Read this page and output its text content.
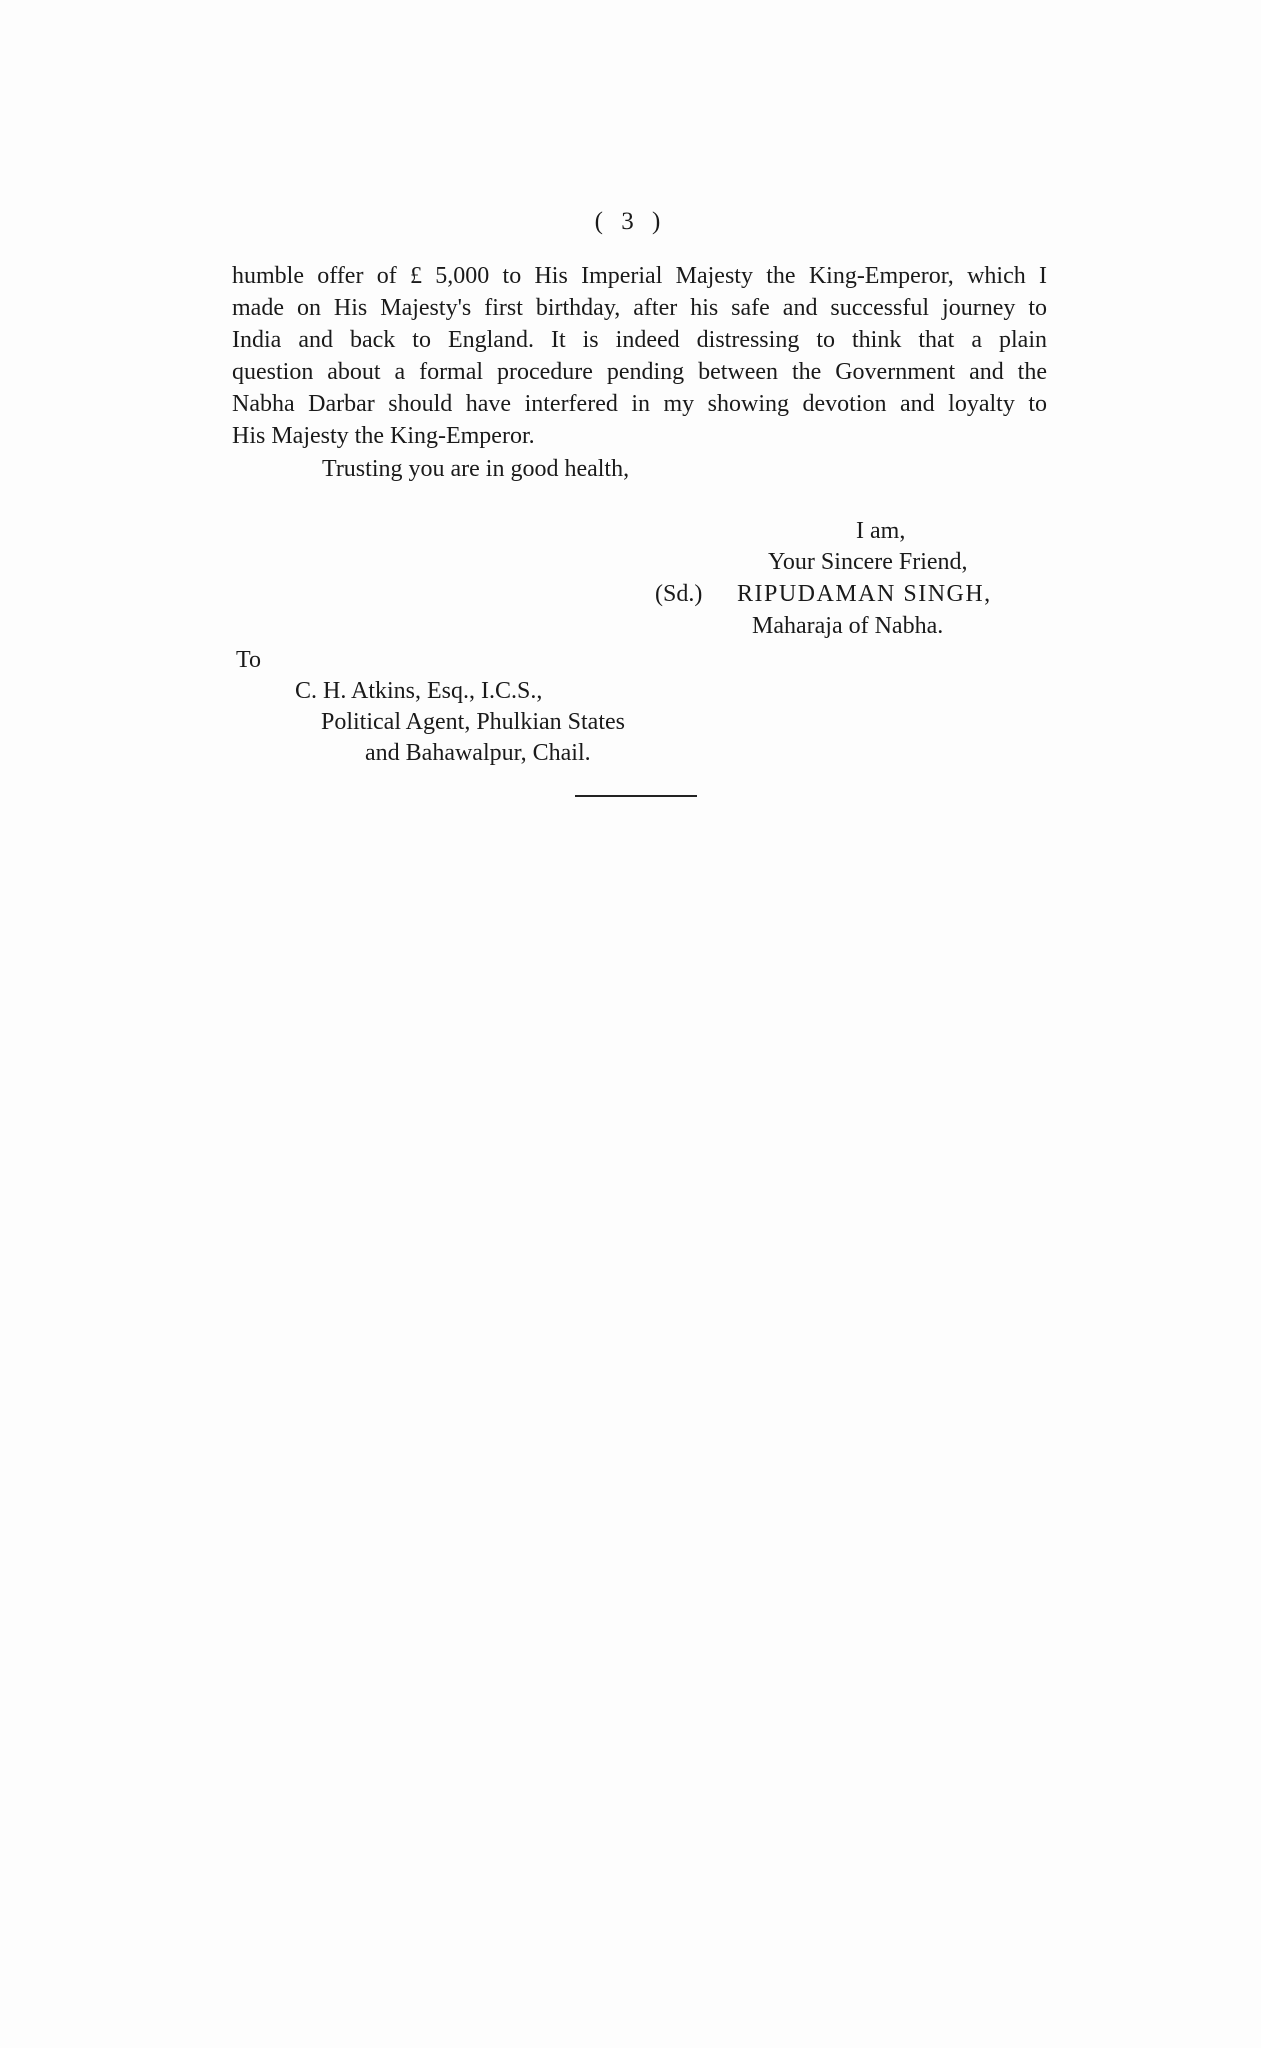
( 3 )
humble offer of £ 5,000 to His Imperial Majesty the King-Emperor, which I
made on His Majesty's first birthday, after his safe and successful journey to
India and back to England. It is indeed distressing to think that a plain
question about a formal procedure pending between the Government and the
Nabha Darbar should have interfered in my showing devotion and loyalty to
His Majesty the King-Emperor.
Trusting you are in good health,
I am,
Your Sincere Friend,
(Sd.) RIPUDAMAN SINGH,
Maharaja of Nabha.
To
C. H. Atkins, Esq., I.C.S.,
Political Agent, Phulkian States
and Bahawalpur, Chail.
